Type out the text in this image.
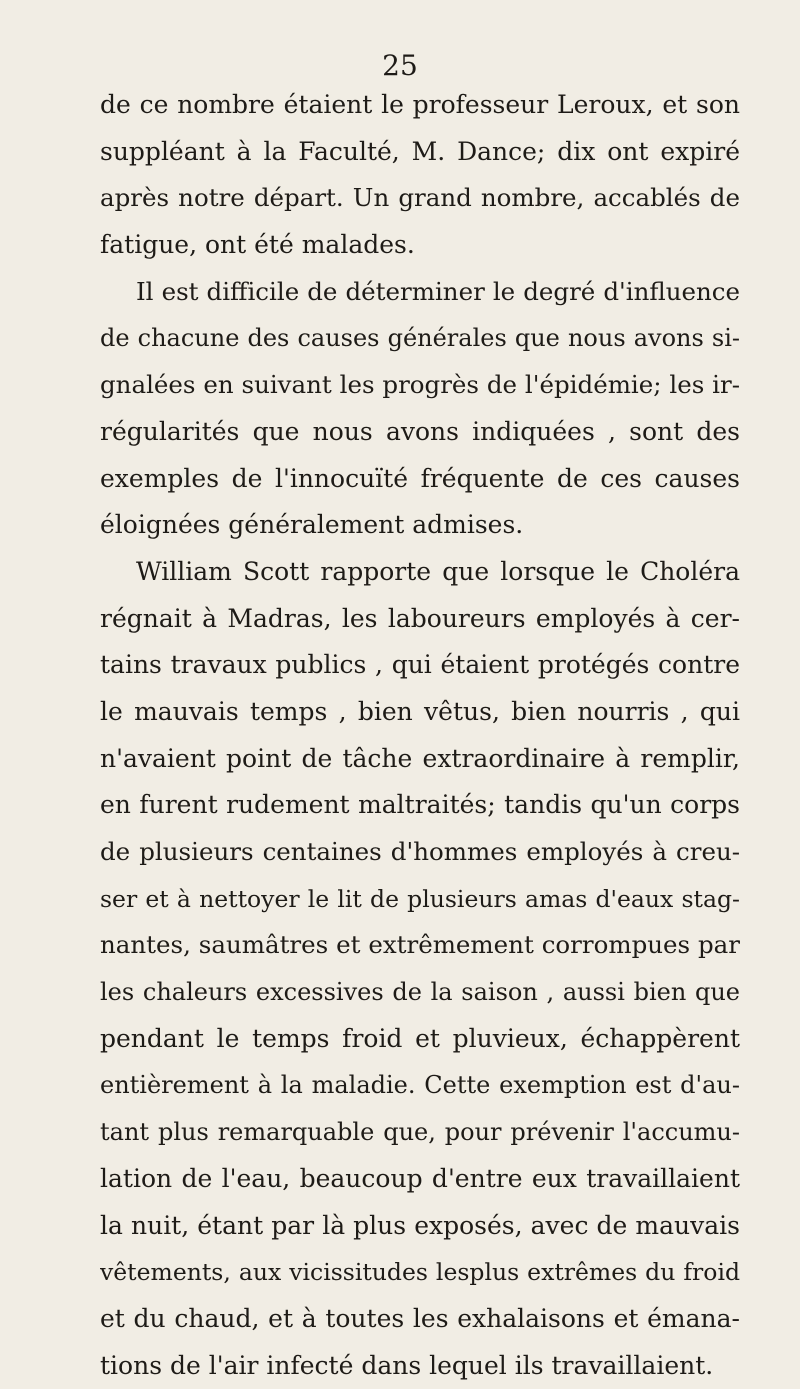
25
de ce nombre étaient le professeur Leroux, et son
suppléant à la Faculté, M. Dance; dix ont expiré
après notre départ. Un grand nombre, accablés de
fatigue, ont été malades.
Il est difficile de déterminer le degré d'influence
de chacune des causes générales que nous avons si-
gnalées en suivant les progrès de l'épidémie; les ir-
régularités que nous avons indiquées , sont des
exemples de l'innocuïté fréquente de ces causes
éloignées généralement admises.
William Scott rapporte que lorsque le Choléra
régnait à Madras, les laboureurs employés à cer-
tains travaux publics , qui étaient protégés contre
le mauvais temps , bien vêtus, bien nourris , qui
n'avaient point de tâche extraordinaire à remplir,
en furent rudement maltraités; tandis qu'un corps
de plusieurs centaines d'hommes employés à creu-
ser et à nettoyer le lit de plusieurs amas d'eaux stag-
nantes, saumâtres et extrêmement corrompues par
les chaleurs excessives de la saison , aussi bien que
pendant le temps froid et pluvieux, échappèrent
entièrement à la maladie. Cette exemption est d'au-
tant plus remarquable que, pour prévenir l'accumu-
lation de l'eau, beaucoup d'entre eux travaillaient
la nuit, étant par là plus exposés, avec de mauvais
vêtements, aux vicissitudes lesplus extrêmes du froid
et du chaud, et à toutes les exhalaisons et émana-
tions de l'air infecté dans lequel ils travaillaient.
